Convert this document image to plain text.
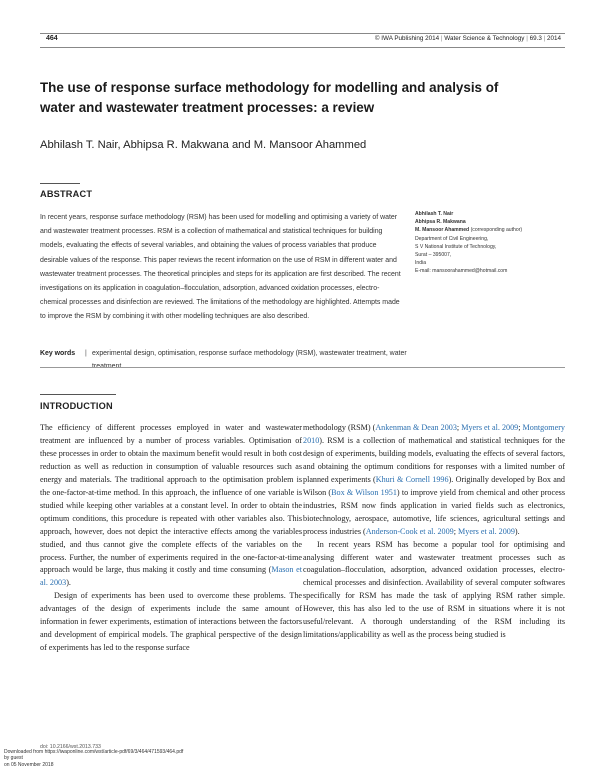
464	© IWA Publishing 2014 | Water Science & Technology | 69.3 | 2014
The use of response surface methodology for modelling and analysis of water and wastewater treatment processes: a review
Abhilash T. Nair, Abhipsa R. Makwana and M. Mansoor Ahammed
ABSTRACT

In recent years, response surface methodology (RSM) has been used for modelling and optimising a variety of water and wastewater treatment processes. RSM is a collection of mathematical and statistical techniques for building models, evaluating the effects of several variables, and obtaining the values of process variables that produce desirable values of the response. This paper reviews the recent information on the use of RSM in different water and wastewater treatment processes. The theoretical principles and steps for its application are first described. The recent investigations on its application in coagulation–flocculation, adsorption, advanced oxidation processes, electro-chemical processes and disinfection are reviewed. The limitations of the methodology are highlighted. Attempts made to improve the RSM by combining it with other modelling techniques are also described.

Key words | experimental design, optimisation, response surface methodology (RSM), wastewater treatment, water
Abhilash T. Nair
Abhipsa R. Makwana
M. Mansoor Ahammed (corresponding author)
Department of Civil Engineering,
S V National Institute of Technology,
Surat – 395007,
India
E-mail: mansoorahammed@hotmail.com
INTRODUCTION

The efficiency of different processes employed in water and wastewater treatment are influenced by a number of process variables. Optimisation of these processes in order to obtain the maximum benefit would result in both cost reduction as well as reduction in consumption of valuable resources such as energy and materials. The traditional approach to the optimisation problem is the one-factor-at-time method. In this approach, the influence of one variable is studied while keeping other variables at a constant level. In order to obtain the optimum conditions, this procedure is repeated with other variables also. This approach, however, does not depict the interactive effects among the variables studied, and thus cannot give the complete effects of the variables on the process. Further, the number of experiments required in the one-factor-at-time approach would be large, thus making it costly and time consuming (Mason et al. 2003).

Design of experiments has been used to overcome these problems. The advantages of the design of experiments include the same amount of information in fewer experiments, estimation of interactions between the factors and development of empirical models. The graphical perspective of the design of experiments has led to the response surface

methodology (RSM) (Ankenman & Dean 2003; Myers et al. 2009; Montgomery 2010). RSM is a collection of mathematical and statistical techniques for the design of experiments, building models, evaluating the effects of several factors, and obtaining the optimum conditions for responses with a limited number of planned experiments (Khuri & Cornell 1996). Originally developed by Box and Wilson (Box & Wilson 1951) to improve yield from chemical and other process industries, RSM now finds application in varied fields such as electronics, biotechnology, aerospace, automotive, life sciences, agricultural settings and process industries (Anderson-Cook et al. 2009; Myers et al. 2009).

In recent years RSM has become a popular tool for optimising and analysing different water and wastewater treatment processes such as coagulation–flocculation, adsorption, advanced oxidation processes, electro-chemical processes and disinfection. Availability of several computer softwares specifically for RSM has made the task of applying RSM rather simple. However, this has also led to the use of RSM in situations where it is not useful/relevant. A thorough understanding of the RSM including its limitations/applicability as well as the process being studied is

doi: 10.2166/wst.2013.733
Downloaded from https://iwaponline.com/wst/article-pdf/69/3/464/471593/464.pdf
by guest
on 05 November 2018
